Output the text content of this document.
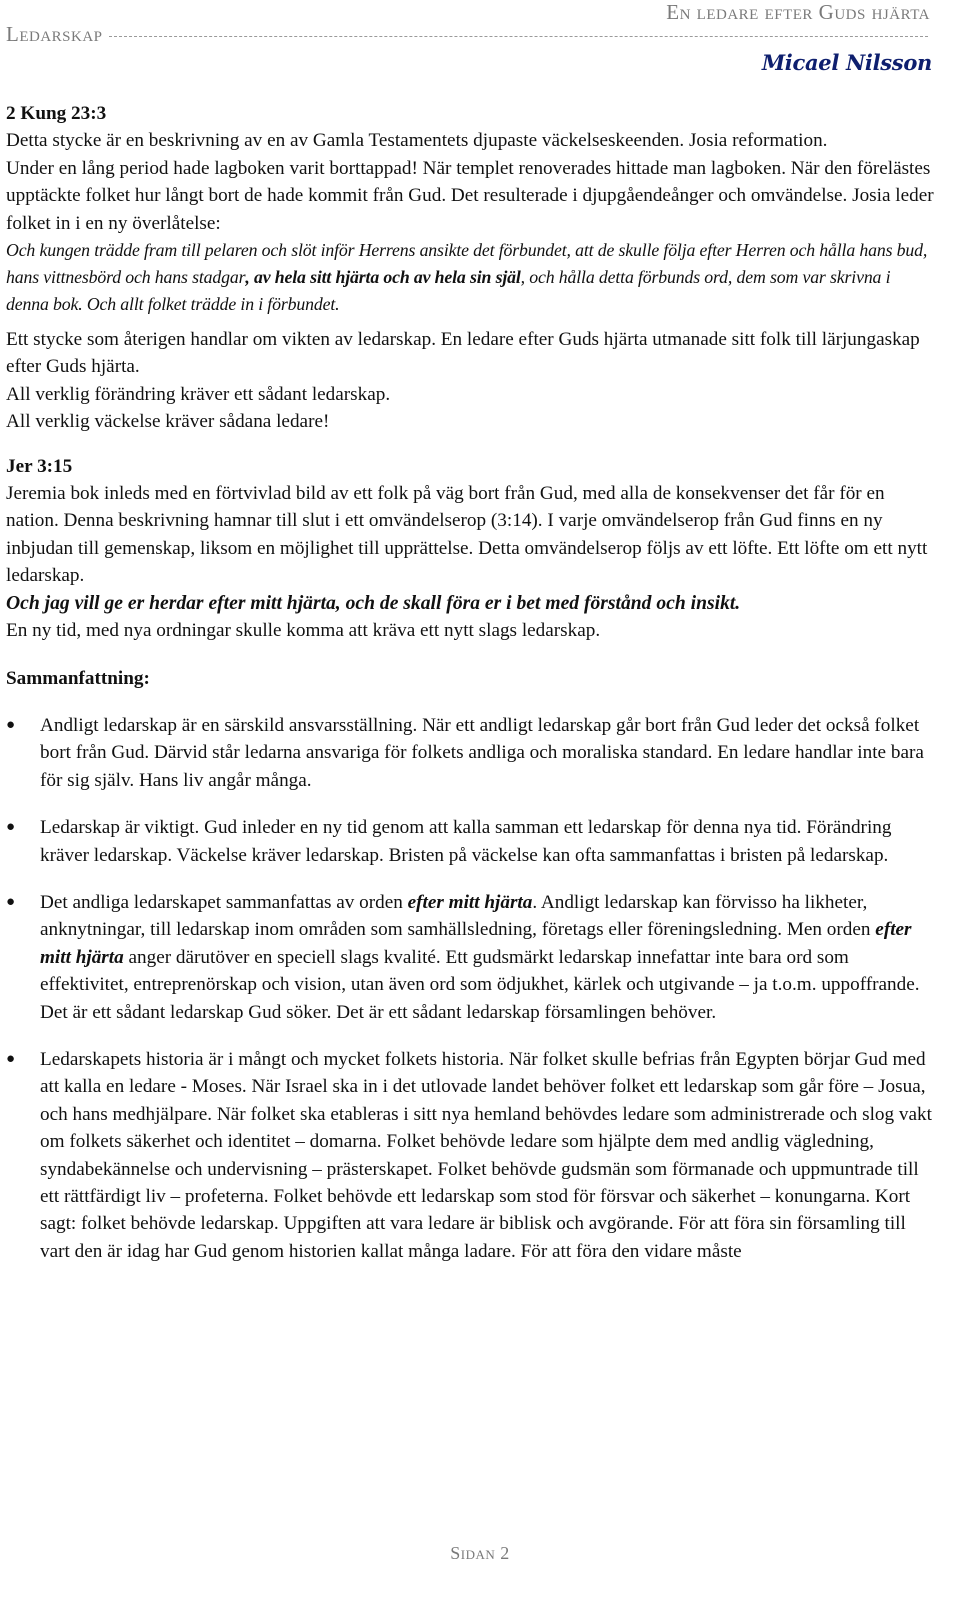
En ledare efter Guds hjärta
Ledarskap
Micael Nilsson

2 Kung 23:3

Detta stycke är en beskrivning av en av Gamla Testamentets djupaste väckelseskeenden. Josia reformation.

Under en lång period hade lagboken varit borttappad! När templet renoverades hittade man lagboken. När den förelästes upptäckte folket hur långt bort de hade kommit från Gud. Det resulterade i djupgåendeånger och omvändelse. Josia leder folket in i en ny överlåtelse:

Och kungen trädde fram till pelaren och slöt inför Herrens ansikte det förbundet, att de skulle följa efter Herren och hålla hans bud, hans vittnesbörd och hans stadgar, av hela sitt hjärta och av hela sin själ, och hålla detta förbunds ord, dem som var skrivna i denna bok. Och allt folket trädde in i förbundet.

Ett stycke som återigen handlar om vikten av ledarskap. En ledare efter Guds hjärta utmanade sitt folk till lärjungaskap efter Guds hjärta.

All verklig förändring kräver ett sådant ledarskap.

All verklig väckelse kräver sådana ledare!

Jer 3:15

Jeremia bok inleds med en förtvivlad bild av ett folk på väg bort från Gud, med alla de konsekvenser det får för en nation. Denna beskrivning hamnar till slut i ett omvändelserop (3:14). I varje omvändelserop från Gud finns en ny inbjudan till gemenskap, liksom en möjlighet till upprättelse. Detta omvändelserop följs av ett löfte. Ett löfte om ett nytt ledarskap.

Och jag vill ge er herdar efter mitt hjärta, och de skall föra er i bet med förstånd och insikt.

En ny tid, med nya ordningar skulle komma att kräva ett nytt slags ledarskap.

Sammanfattning:

● Andligt ledarskap är en särskild ansvarsställning. När ett andligt ledarskap går bort från Gud leder det också folket bort från Gud. Därvid står ledarna ansvariga för folkets andliga och moraliska standard. En ledare handlar inte bara för sig själv. Hans liv angår många.
● Ledarskap är viktigt. Gud inleder en ny tid genom att kalla samman ett ledarskap för denna nya tid. Förändring kräver ledarskap. Väckelse kräver ledarskap. Bristen på väckelse kan ofta sammanfattas i bristen på ledarskap.
● Det andliga ledarskapet sammanfattas av orden efter mitt hjärta. Andligt ledarskap kan förvisso ha likheter, anknytningar, till ledarskap inom områden som samhällsledning, företags eller föreningsledning. Men orden efter mitt hjärta anger därutöver en speciell slags kvalité. Ett gudsmärkt ledarskap innefattar inte bara ord som effektivitet, entreprenörskap och vision, utan även ord som ödjukhet, kärlek och utgivande – ja t.o.m. uppoffrande. Det är ett sådant ledarskap Gud söker. Det är ett sådant ledarskap församlingen behöver.
● Ledarskapets historia är i mångt och mycket folkets historia. När folket skulle befrias från Egypten börjar Gud med att kalla en ledare - Moses. När Israel ska in i det utlovade landet behöver folket ett ledarskap som går före – Josua, och hans medhjälpare. När folket ska etableras i sitt nya hemland behövdes ledare som administrerade och slog vakt om folkets säkerhet och identitet – domarna. Folket behövde ledare som hjälpte dem med andlig vägledning, syndabekännelse och undervisning – prästerskapet. Folket behövde gudsmän som förmanade och uppmuntrade till ett rättfärdigt liv – profeterna. Folket behövde ett ledarskap som stod för försvar och säkerhet – konungarna. Kort sagt: folket behövde ledarskap. Uppgiften att vara ledare är biblisk och avgörande. För att föra sin församling till vart den är idag har Gud genom historien kallat många ladare. För att föra den vidare måste
Sidan 2
